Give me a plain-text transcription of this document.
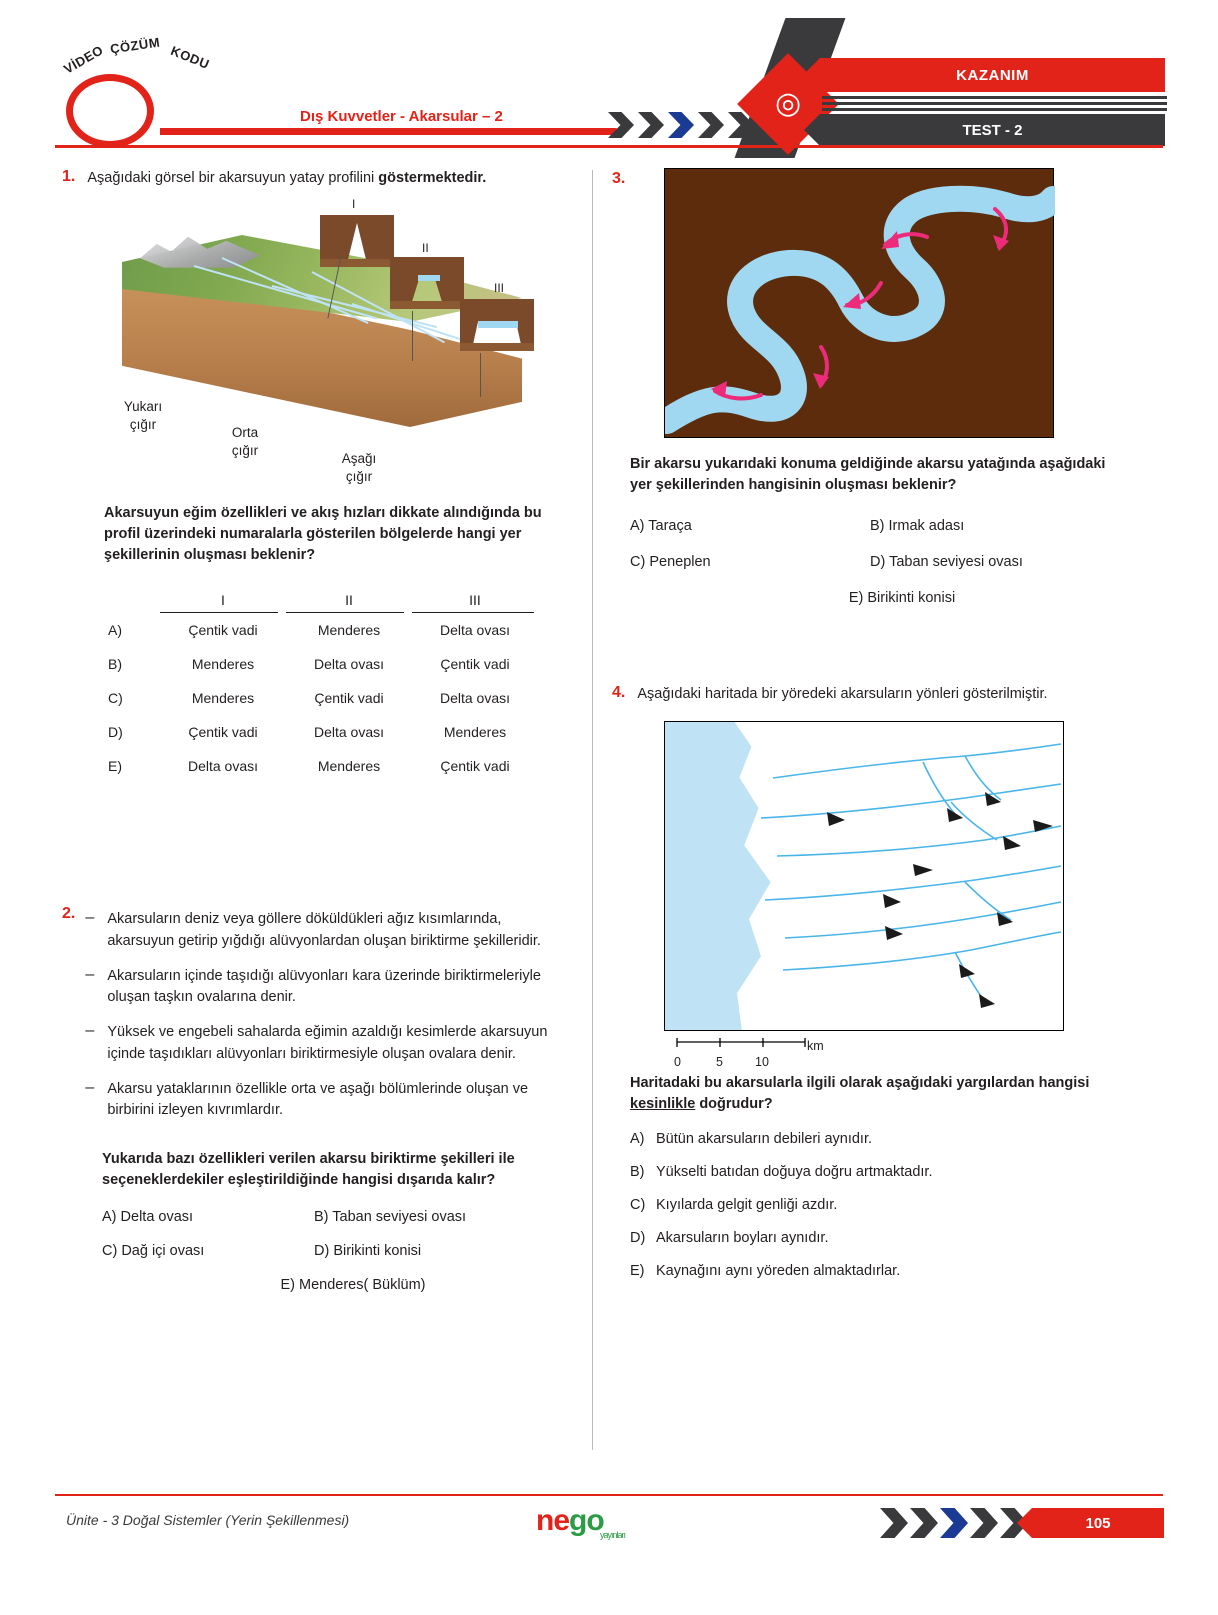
VİDEO ÇÖZÜM KODU
Dış Kuvvetler - Akarsular – 2	◎
KAZANIM
TEST - 2
1. Aşağıdaki görsel bir akarsuyun yatay profilini göstermektedir.
I
II
III
Yukarı
çığır
Orta
çığır
Aşağı
çığır
Akarsuyun eğim özellikleri ve akış hızları dikkate alındığında bu profil üzerindeki numaralarla gösterilen bölgelerde hangi yer şekillerinin oluşması beklenir?
I	II	III
A)	Çentik vadi	Menderes	Delta ovası
B)	Menderes	Delta ovası	Çentik vadi
C)	Menderes	Çentik vadi	Delta ovası
D)	Çentik vadi	Delta ovası	Menderes
E)	Delta ovası	Menderes	Çentik vadi
2. – Akarsuların deniz veya göllere döküldükleri ağız kısımlarında, akarsuyun getirip yığdığı alüvyonlardan oluşan biriktirme şekilleridir.
– Akarsuların içinde taşıdığı alüvyonları kara üzerinde biriktirmeleriyle oluşan taşkın ovalarına denir.
– Yüksek ve engebeli sahalarda eğimin azaldığı kesimlerde akarsuyun içinde taşıdıkları alüvyonları biriktirmesiyle oluşan ovalara denir.
– Akarsu yataklarının özellikle orta ve aşağı bölümlerinde oluşan ve birbirini izleyen kıvrımlardır.
Yukarıda bazı özellikleri verilen akarsu biriktirme şekilleri ile seçeneklerdekiler eşleştirildiğinde hangisi dışarıda kalır?
A) Delta ovası	B) Taban seviyesi ovası
C) Dağ içi ovası	D) Birikinti konisi
E) Menderes( Büklüm)
3.
Bir akarsu yukarıdaki konuma geldiğinde akarsu yatağında aşağıdaki yer şekillerinden hangisinin oluşması beklenir?
A) Taraça	B) Irmak adası
C) Peneplen	D) Taban seviyesi ovası
E) Birikinti konisi
4. Aşağıdaki haritada bir yöredeki akarsuların yönleri gösterilmiştir.
0	5	10
km
Haritadaki bu akarsularla ilgili olarak aşağıdaki yargılardan hangisi kesinlikle doğrudur?
A) Bütün akarsuların debileri aynıdır.
B) Yükselti batıdan doğuya doğru artmaktadır.
C) Kıyılarda gelgit genliği azdır.
D) Akarsuların boyları aynıdır.
E) Kaynağını aynı yöreden almaktadırlar.
Ünite - 3 Doğal Sistemler (Yerin Şekillenmesi)	nego
yayınları
105
